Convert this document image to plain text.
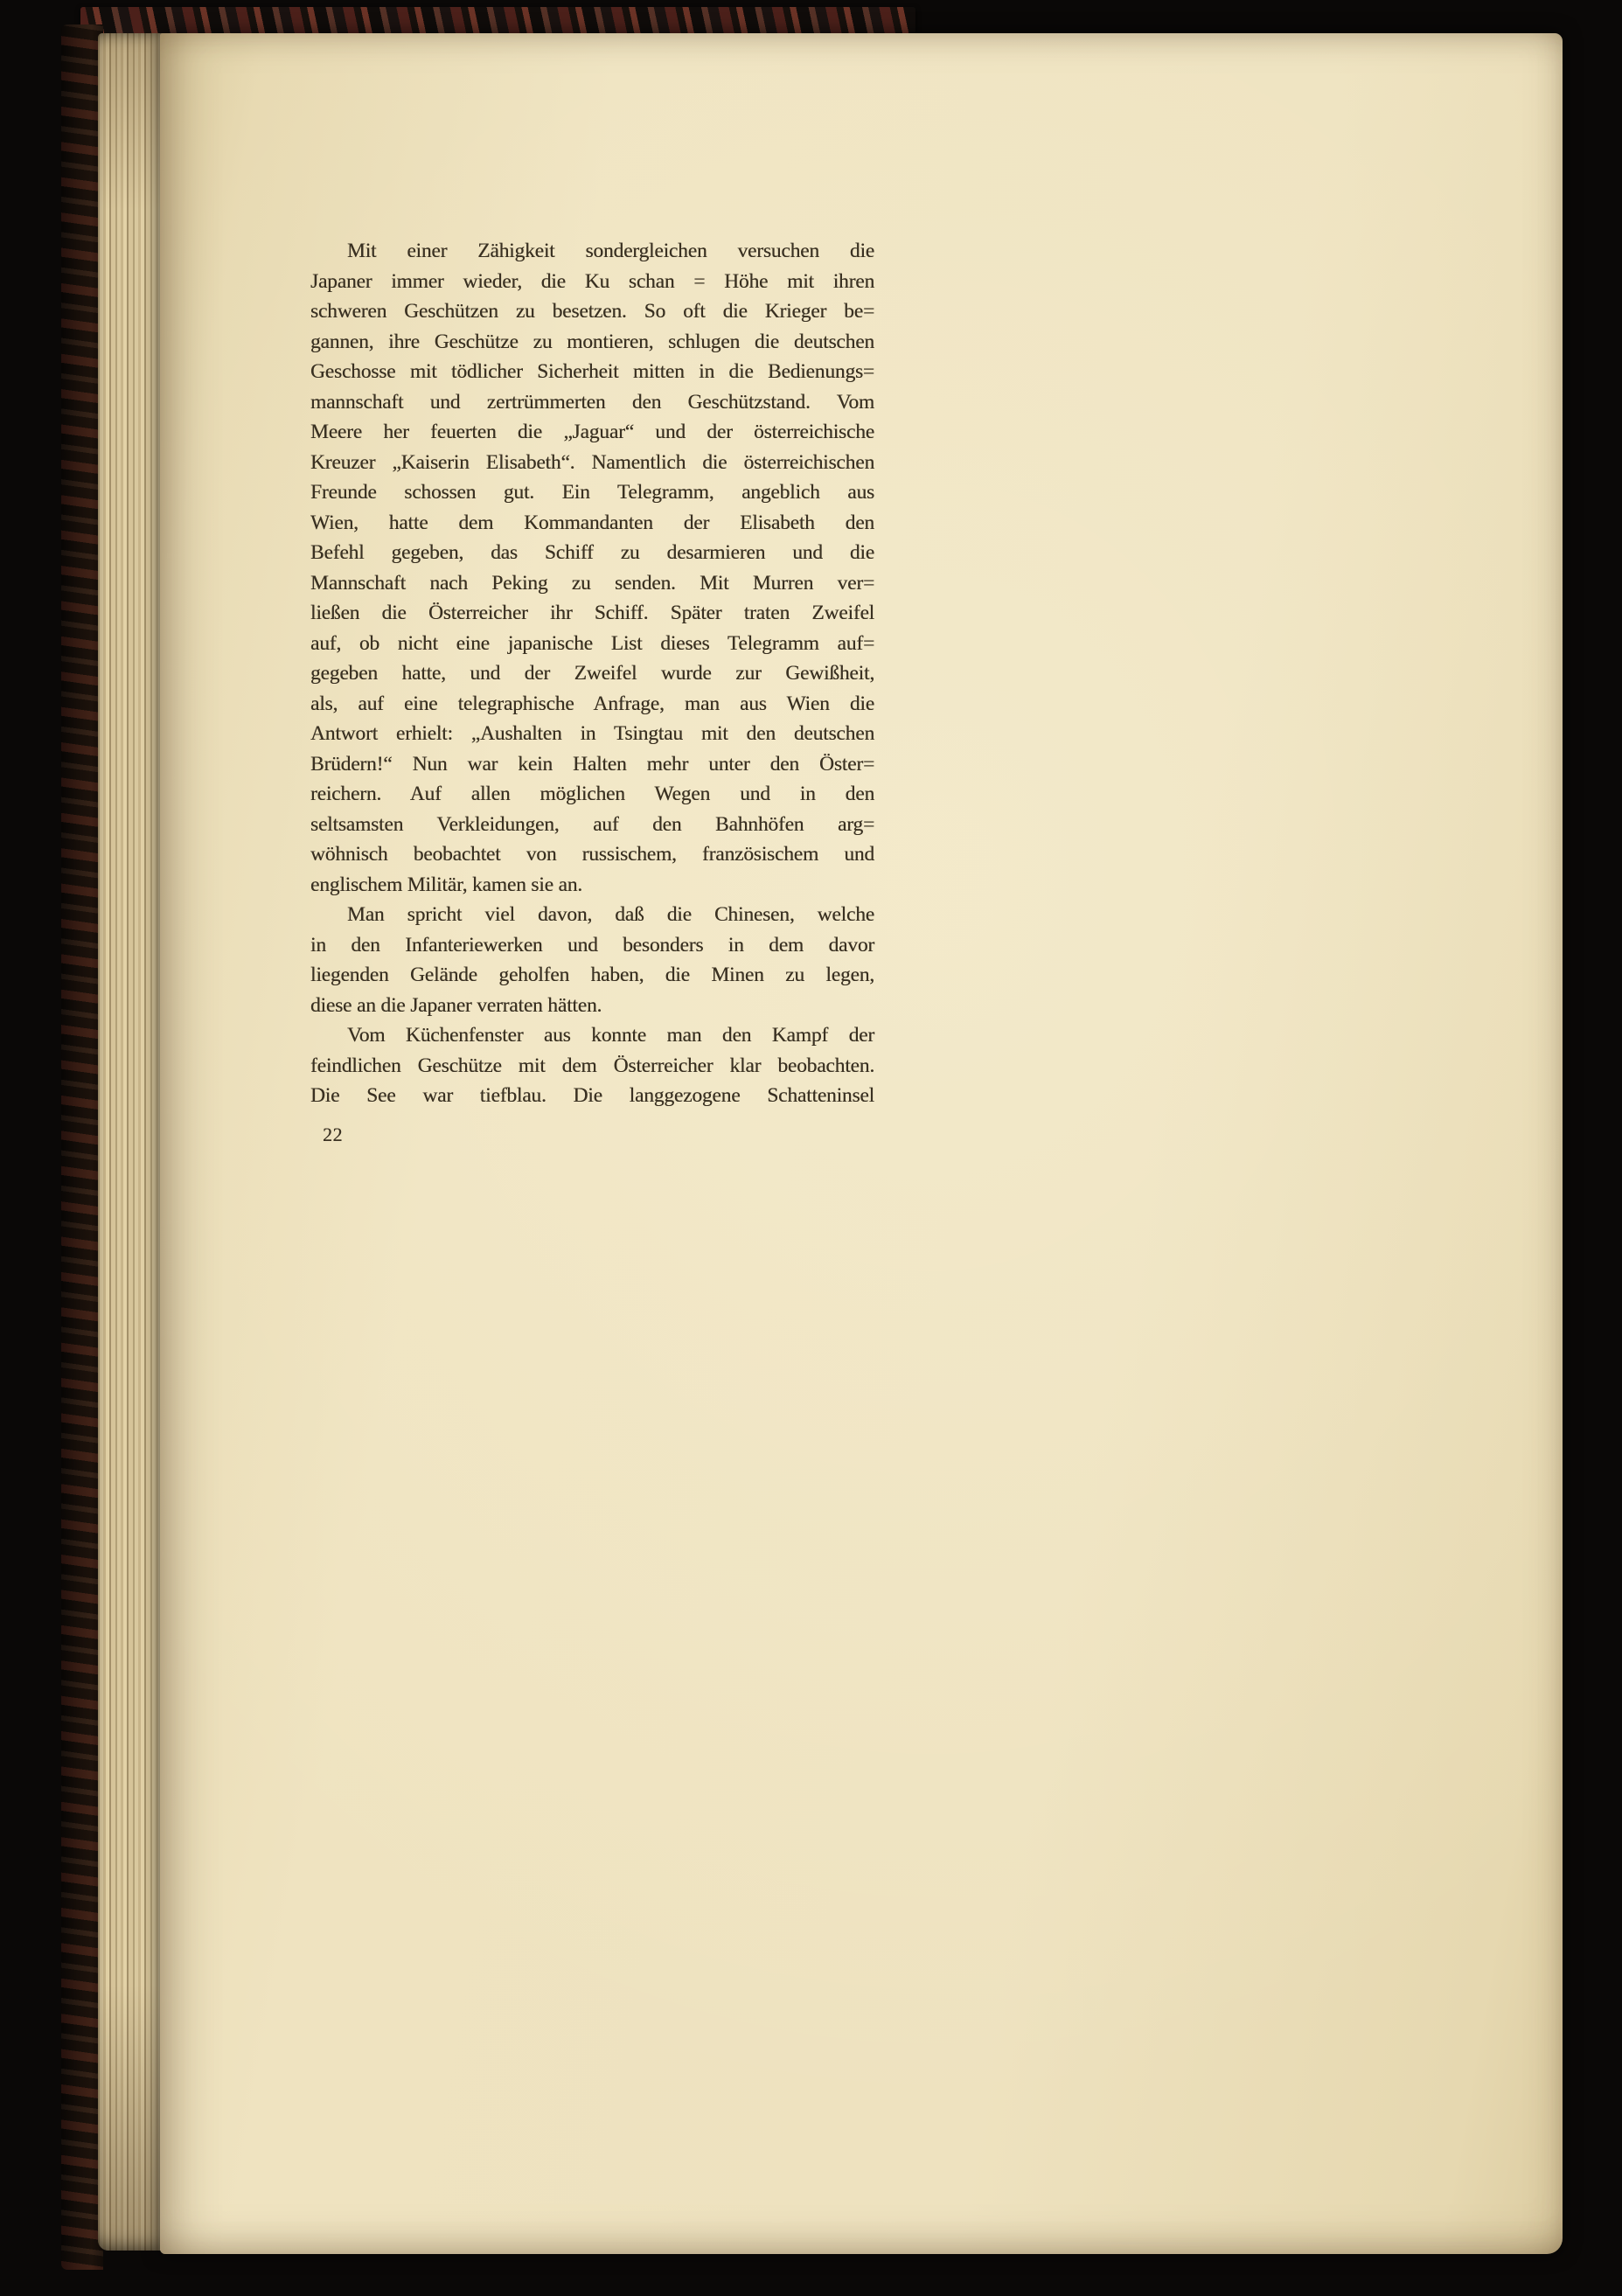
Mit einer Zähigkeit sondergleichen versuchen die
Japaner immer wieder, die Ku schan = Höhe mit ihren
schweren Geschützen zu besetzen. So oft die Krieger be=
gannen, ihre Geschütze zu montieren, schlugen die deutschen
Geschosse mit tödlicher Sicherheit mitten in die Bedienungs=
mannschaft und zertrümmerten den Geschützstand. Vom
Meere her feuerten die „Jaguar“ und der österreichische
Kreuzer „Kaiserin Elisabeth“. Namentlich die österreichischen
Freunde schossen gut. Ein Telegramm, angeblich aus
Wien, hatte dem Kommandanten der Elisabeth den
Befehl gegeben, das Schiff zu desarmieren und die
Mannschaft nach Peking zu senden. Mit Murren ver=
ließen die Österreicher ihr Schiff. Später traten Zweifel
auf, ob nicht eine japanische List dieses Telegramm auf=
gegeben hatte, und der Zweifel wurde zur Gewißheit,
als, auf eine telegraphische Anfrage, man aus Wien die
Antwort erhielt: „Aushalten in Tsingtau mit den deutschen
Brüdern!“ Nun war kein Halten mehr unter den Öster=
reichern. Auf allen möglichen Wegen und in den
seltsamsten Verkleidungen, auf den Bahnhöfen arg=
wöhnisch beobachtet von russischem, französischem und
englischem Militär, kamen sie an.
Man spricht viel davon, daß die Chinesen, welche
in den Infanteriewerken und besonders in dem davor
liegenden Gelände geholfen haben, die Minen zu legen,
diese an die Japaner verraten hätten.
Vom Küchenfenster aus konnte man den Kampf der
feindlichen Geschütze mit dem Österreicher klar beobachten.
Die See war tiefblau. Die langgezogene Schatteninsel
22
